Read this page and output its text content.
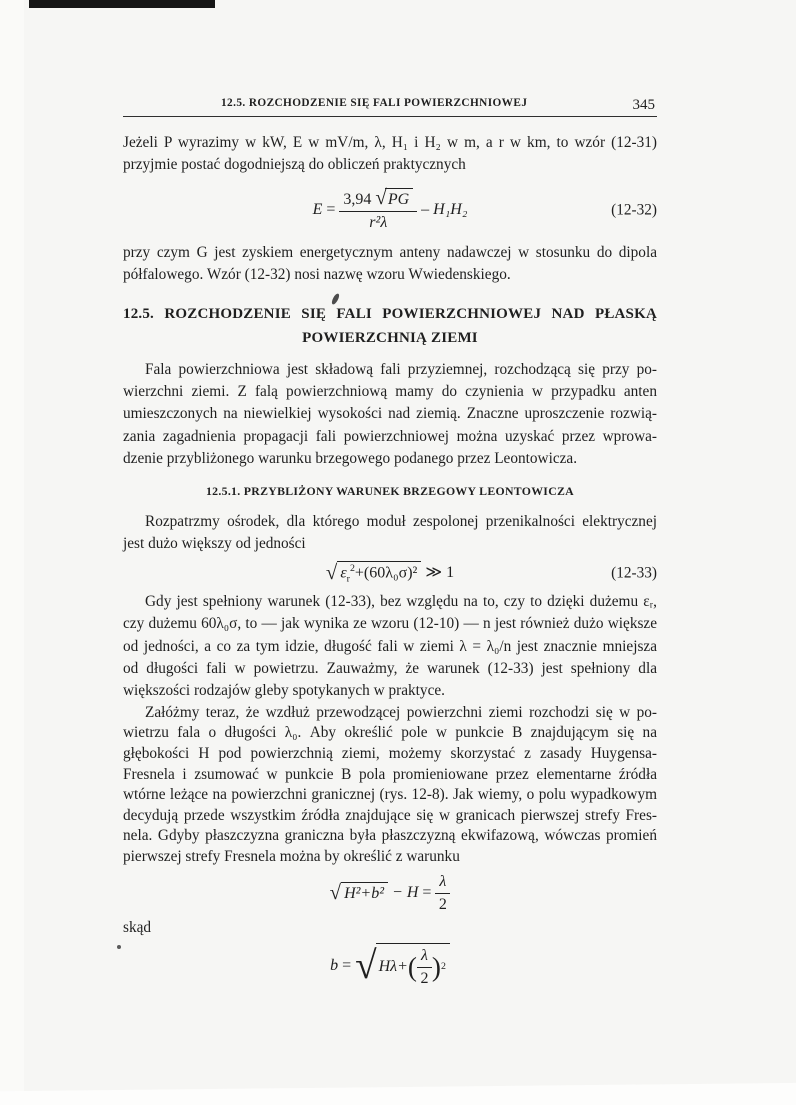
12.5. ROZCHODZENIE SIĘ FALI POWIERZCHNIOWEJ	345
Jeżeli P wyrazimy w kW, E w mV/m, λ, H₁ i H₂ w m, a r w km, to wzór (12-31)
przyjmie postać dogodniejszą do obliczeń praktycznych
$E = \frac{3,94 √PG}{\text{r²λ}} - H_1H_2$	(12-32)
przy czym G jest zyskiem energetycznym anteny nadawczej w stosunku do dipola
półfalowego. Wzór (12-32) nosi nazwę wzoru Wwiedenskiego.
12.5. ROZCHODZENIE SIĘ FALI POWIERZCHNIOWEJ NAD PŁASKĄ
POWIERZCHNIĄ ZIEMI
Fala powierzchniowa jest składową fali przyziemnej, rozchodzącą się przy po-
wierzchni ziemi. Z falą powierzchniową mamy do czynienia w przypadku anten
umieszczonych na niewielkiej wysokości nad ziemią. Znaczne uproszczenie rozwią-
zania zagadnienia propagacji fali powierzchniowej można uzyskać przez wprowa-
dzenie przybliżonego warunku brzegowego podanego przez Leontowicza.
12.5.1. PRZYBLIŻONY WARUNEK BRZEGOWY LEONTOWICZA
Rozpatrzmy ośrodek, dla którego moduł zespolonej przenikalności elektrycznej
jest dużo większy od jedności
√ $\varepsilon_r^2+(60\lambda_0\sigma)^2$ ≫ 1	(12-33)
Gdy jest spełniony warunek (12-33), bez względu na to, czy to dzięki dużemu εᵣ,
czy dużemu 60λ₀σ, to — jak wynika ze wzoru (12-10) — n jest również dużo większe
od jedności, a co za tym idzie, długość fali w ziemi λ = λ₀/n jest znacznie mniejsza
od długości fali w powietrzu. Zauważmy, że warunek (12-33) jest spełniony dla
większości rodzajów gleby spotykanych w praktyce.
Załóżmy teraz, że wzdłuż przewodzącej powierzchni ziemi rozchodzi się w po-
wietrzu fala o długości λ₀. Aby określić pole w punkcie B znajdującym się na
głębokości H pod powierzchnią ziemi, możemy skorzystać z zasady Huygensa-
Fresnela i zsumować w punkcie B pola promieniowane przez elementarne źródła
wtórne leżące na powierzchni granicznej (rys. 12-8). Jak wiemy, o polu wypadkowym
decydują przede wszystkim źródła znajdujące się w granicach pierwszej strefy Fres-
nela. Gdyby płaszczyzna graniczna była płaszczyzną ekwifazową, wówczas promień
pierwszej strefy Fresnela można by określić z warunku
√ $H^2+b^2 - H = \frac{\lambda}{2}$
skąd
b = √ Hλ+ ( $\frac{\lambda}{2}$ ) 2
